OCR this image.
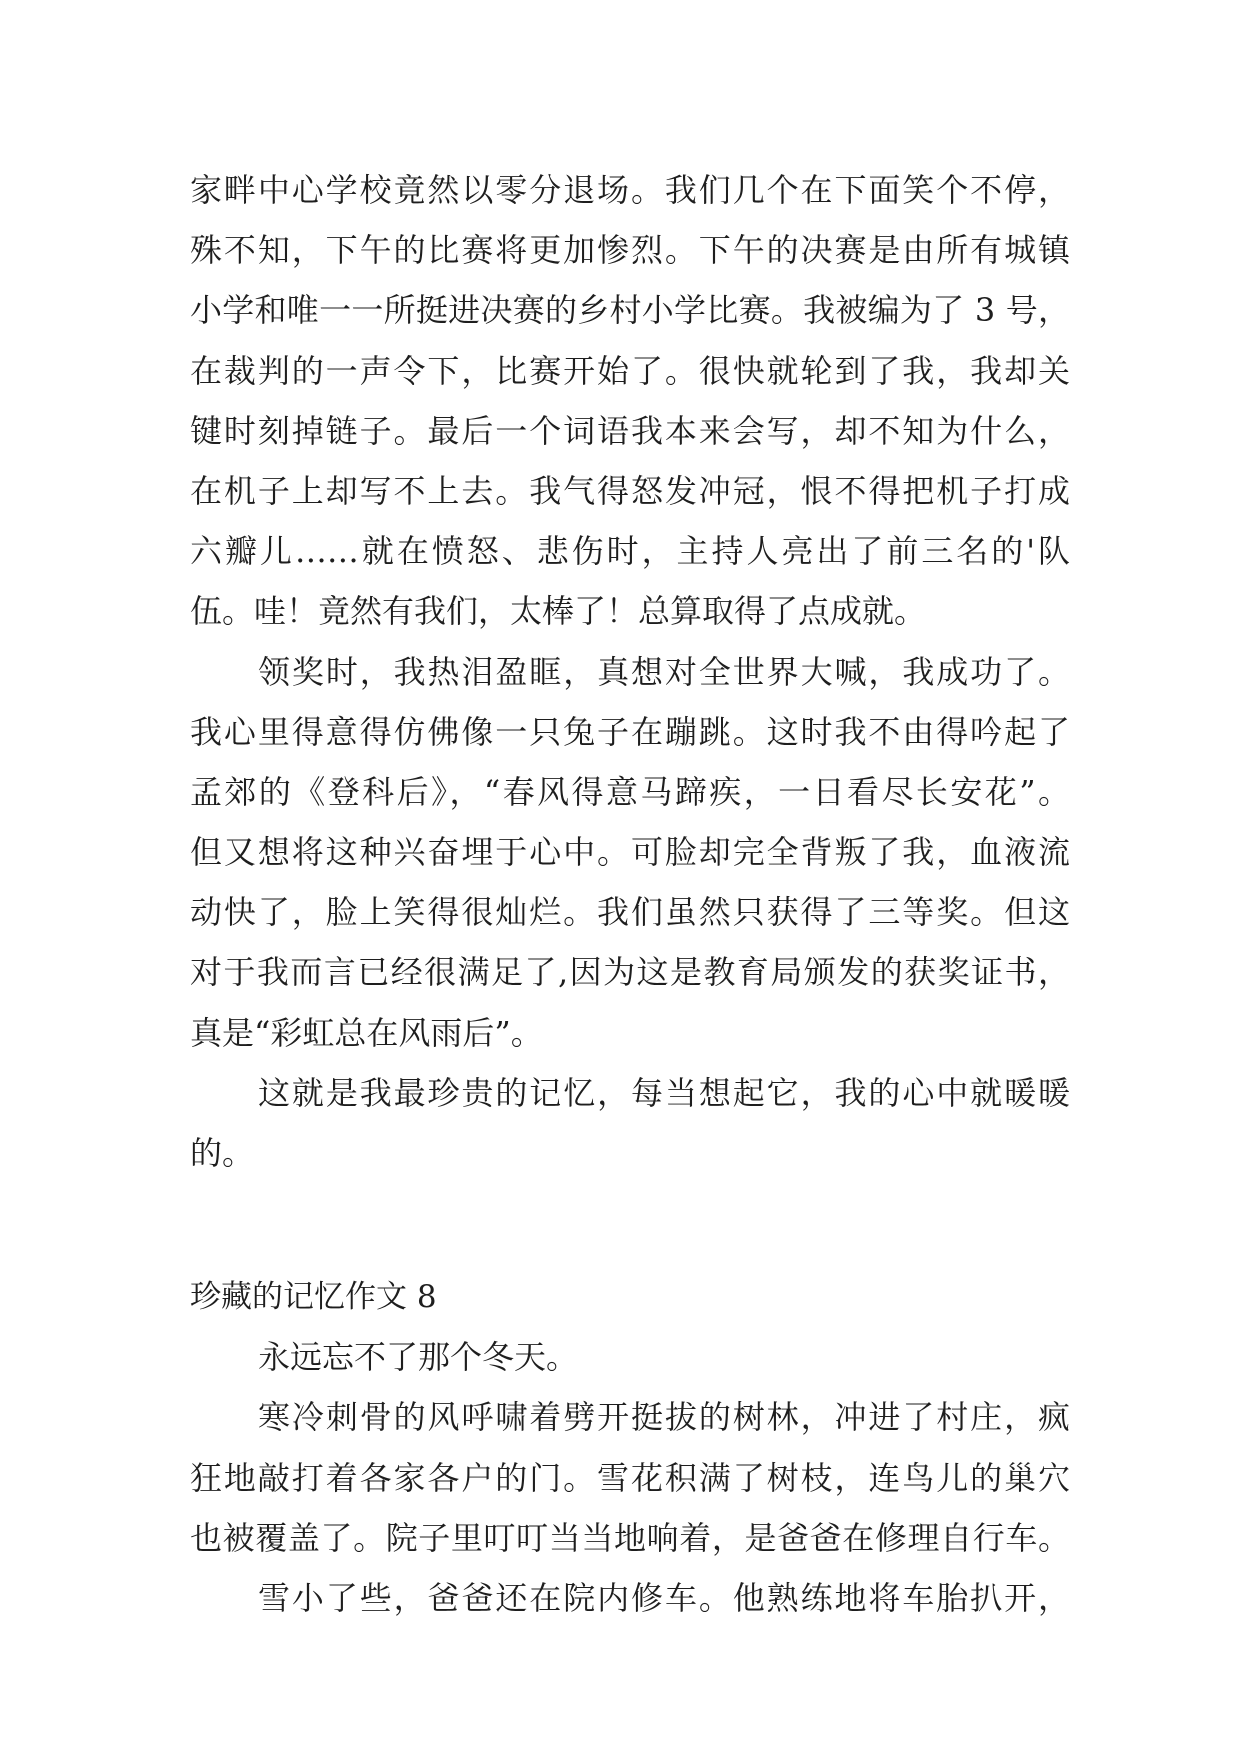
家畔中心学校竟然以零分退场。我们几个在下面笑个不停，
殊不知，下午的比赛将更加惨烈。下午的决赛是由所有城镇
小学和唯一一所挺进决赛的乡村小学比赛。我被编为了 3 号，
在裁判的一声令下，比赛开始了。很快就轮到了我，我却关
键时刻掉链子。最后一个词语我本来会写，却不知为什么，
在机子上却写不上去。我气得怒发冲冠，恨不得把机子打成
六瓣儿……就在愤怒、悲伤时，主持人亮出了前三名的'队
伍。哇！竟然有我们，太棒了！总算取得了点成就。
领奖时，我热泪盈眶，真想对全世界大喊，我成功了。
我心里得意得仿佛像一只兔子在蹦跳。这时我不由得吟起了
孟郊的《登科后》，“春风得意马蹄疾，一日看尽长安花”。
但又想将这种兴奋埋于心中。可脸却完全背叛了我，血液流
动快了，脸上笑得很灿烂。我们虽然只获得了三等奖。但这
对于我而言已经很满足了,因为这是教育局颁发的获奖证书，
真是“彩虹总在风雨后”。
这就是我最珍贵的记忆，每当想起它，我的心中就暖暖
的。
珍藏的记忆作文 8
永远忘不了那个冬天。
寒冷刺骨的风呼啸着劈开挺拔的树林，冲进了村庄，疯
狂地敲打着各家各户的门。雪花积满了树枝，连鸟儿的巢穴
也被覆盖了。院子里叮叮当当地响着，是爸爸在修理自行车。
雪小了些，爸爸还在院内修车。他熟练地将车胎扒开，
